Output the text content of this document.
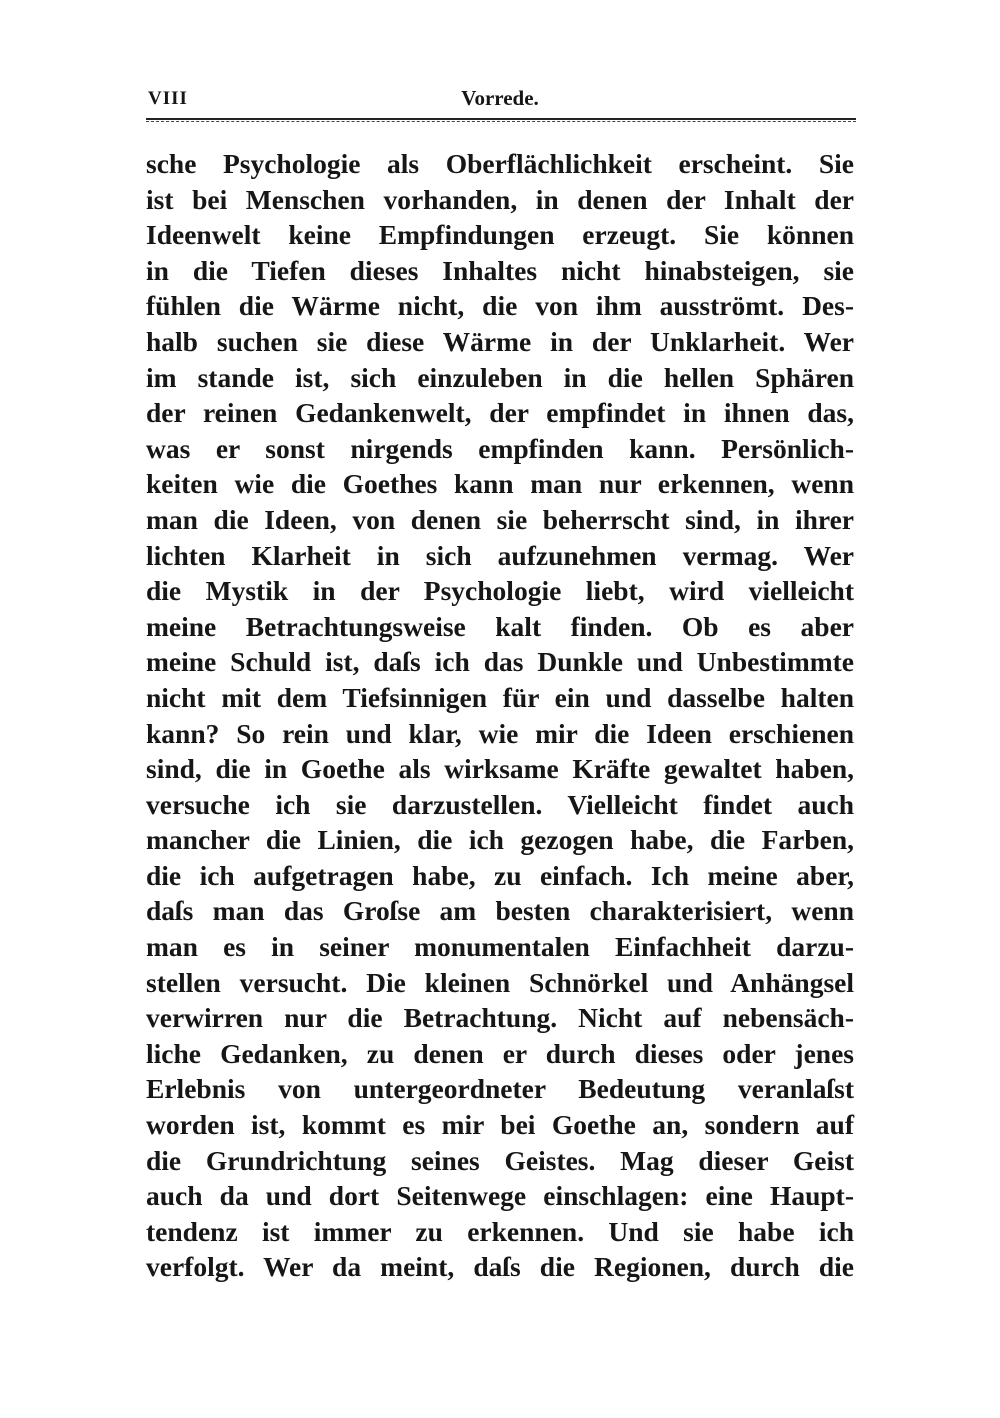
VIII	Vorrede.
sche Psychologie als Oberflächlichkeit erscheint. Sie
ist bei Menschen vorhanden, in denen der Inhalt der
Ideenwelt keine Empfindungen erzeugt. Sie können
in die Tiefen dieses Inhaltes nicht hinabsteigen, sie
fühlen die Wärme nicht, die von ihm ausströmt. Des-
halb suchen sie diese Wärme in der Unklarheit. Wer
im stande ist, sich einzuleben in die hellen Sphären
der reinen Gedankenwelt, der empfindet in ihnen das,
was er sonst nirgends empfinden kann. Persönlich-
keiten wie die Goethes kann man nur erkennen, wenn
man die Ideen, von denen sie beherrscht sind, in ihrer
lichten Klarheit in sich aufzunehmen vermag. Wer
die Mystik in der Psychologie liebt, wird vielleicht
meine Betrachtungsweise kalt finden. Ob es aber
meine Schuld ist, daſs ich das Dunkle und Unbestimmte
nicht mit dem Tiefsinnigen für ein und dasselbe halten
kann? So rein und klar, wie mir die Ideen erschienen
sind, die in Goethe als wirksame Kräfte gewaltet haben,
versuche ich sie darzustellen. Vielleicht findet auch
mancher die Linien, die ich gezogen habe, die Farben,
die ich aufgetragen habe, zu einfach. Ich meine aber,
daſs man das Groſse am besten charakterisiert, wenn
man es in seiner monumentalen Einfachheit darzu-
stellen versucht. Die kleinen Schnörkel und Anhängsel
verwirren nur die Betrachtung. Nicht auf nebensäch-
liche Gedanken, zu denen er durch dieses oder jenes
Erlebnis von untergeordneter Bedeutung veranlaſst
worden ist, kommt es mir bei Goethe an, sondern auf
die Grundrichtung seines Geistes. Mag dieser Geist
auch da und dort Seitenwege einschlagen: eine Haupt-
tendenz ist immer zu erkennen. Und sie habe ich
verfolgt. Wer da meint, daſs die Regionen, durch die
